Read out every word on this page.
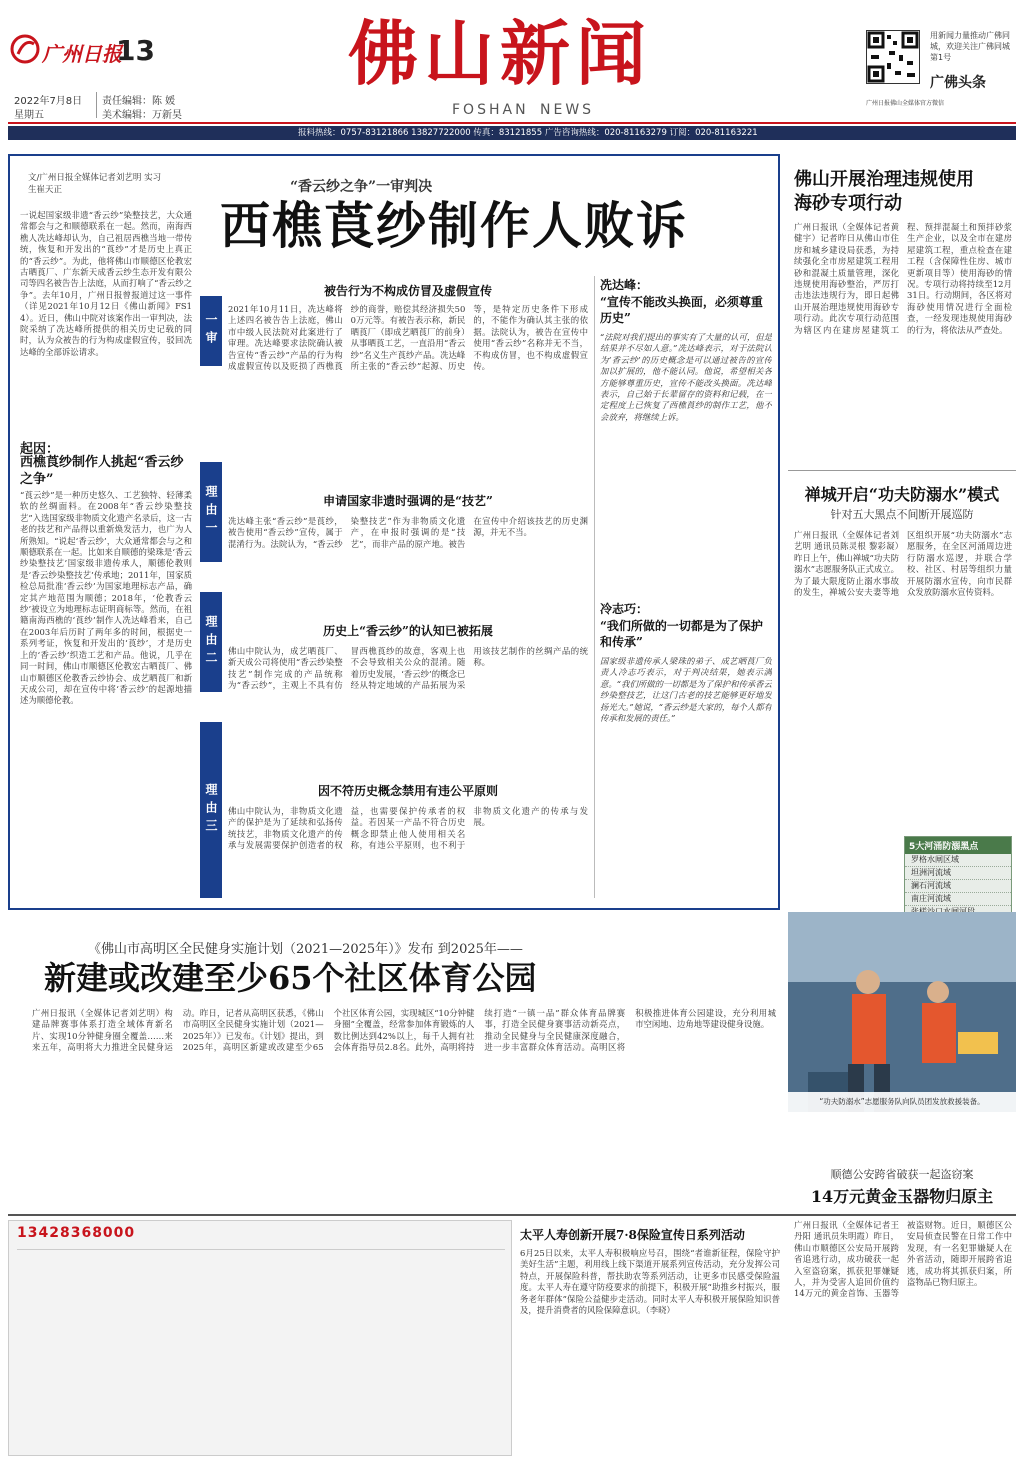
广州日报
13	佛山新闻
FOSHAN NEWS
2022年7月8日
星期五
责任编辑：陈 媛
美术编辑：万新昊
用新闻力量推动广佛同城，欢迎关注广佛同城第1号
广佛头条
广州日报佛山全媒体官方微信
报料热线：0757-83121866 13827722000 传真：83121855 广告咨询热线：020-81163279 订阅：020-81163221
文/广州日报全媒体记者刘艺明 实习生崔天正
一说起国家级非遗“香云纱”染整技艺，大众通常都会与之和顺德联系在一起。然而，南海西樵人冼达峰却认为，自己祖居西樵当地一带传统，恢复和开发出的“莨纱”才是历史上真正的“香云纱”。为此，他将佛山市顺德区伦教宏古晒莨厂、广东新天成香云纱生态开发有限公司等四名被告告上法庭，从而打响了“香云纱之争”。去年10月，广州日报曾报道过这一事件（详见2021年10月12日《佛山新闻》FS14）。近日，佛山中院对该案作出一审判决，法院采纳了冼达峰所提供的相关历史记载的同时，认为众被告的行为构成虚假宣传，驳回冼达峰的全部诉讼请求。
起因：
西樵莨纱制作人挑起“香云纱之争”
“莨云纱”是一种历史悠久、工艺独特、轻薄柔软的丝绸面料。在2008年“香云纱染整技艺”入选国家级非物质文化遗产名录后，这一古老的技艺和产品得以重新焕发活力，也广为人所熟知。“说起‘香云纱’，大众通常都会与之和顺德联系在一起。比如来自顺德的梁珠是‘香云纱染整技艺’国家级非遗传承人，顺德伦教则是‘香云纱染整技艺’传承地；2011年，国家质检总局批准‘香云纱’为国家地理标志产品，确定其产地范围为顺德；2018年，‘伦教香云纱’被设立为地理标志证明商标等。然而，在祖籍南海西樵的‘莨纱’制作人冼达峰看来，自己在2003年后历时了两年多的时间，根据史一系列考证，恢复和开发出的‘莨纱’，才是历史上的‘香云纱’织造工艺和产品。他说，几乎在同一时间，佛山市顺德区伦教宏古晒莨厂、佛山市顺德区伦教香云纱协会、成艺晒莨厂和新天成公司，却在宣传中将‘香云纱’的起源地描述为顺德伦教。
“香云纱之争”一审判决
西樵莨纱制作人败诉
一审
理由一
理由二
理由三
被告行为不构成仿冒及虚假宣传
2021年10月11日，冼达峰将上述四名被告告上法庭，佛山市中级人民法院对此案进行了审理。冼达峰要求法院确认被告宣传“香云纱”产品的行为构成虚假宣传以及贬损了西樵莨纱的商誉，赔偿其经济损失500万元等。有被告表示称，新民晒莨厂（即成艺晒莨厂的前身）从事晒莨工艺，一直沿用“香云纱”名义生产莨纱产品。冼达峰所主张的“香云纱”起源、历史等，是特定历史条件下形成的，不能作为确认其主张的依据。法院认为，被告在宣传中使用“香云纱”名称并无不当，不构成仿冒，也不构成虚假宣传。
申请国家非遗时强调的是“技艺”
冼达峰主张“香云纱”是莨纱，被告使用“香云纱”宣传，属于混淆行为。法院认为，“香云纱染整技艺”作为非物质文化遗产，在申报时强调的是“技艺”，而非产品的原产地。被告在宣传中介绍该技艺的历史渊源，并无不当。
历史上“香云纱”的认知已被拓展
佛山中院认为，成艺晒莨厂、新天成公司将使用“香云纱染整技艺”制作完成的产品统称为“香云纱”，主观上不具有仿冒西樵莨纱的故意，客观上也不会导致相关公众的混淆。随着历史发展，‘香云纱’的概念已经从特定地域的产品拓展为采用该技艺制作的丝绸产品的统称。
因不符历史概念禁用有违公平原则
佛山中院认为，非物质文化遗产的保护是为了延续和弘扬传统技艺，非物质文化遗产的传承与发展需要保护创造者的权益，也需要保护传承者的权益。若因某一产品不符合历史概念即禁止他人使用相关名称，有违公平原则，也不利于非物质文化遗产的传承与发展。
冼达峰：
“宣传不能改头换面，必须尊重历史”
“法院对我们提出的事实有了大量的认可，但是结果并不尽如人意。”冼达峰表示，对于法院认为‘香云纱’的历史概念是可以通过被告的宣传加以扩展的，他不能认同。他说，希望相关各方能够尊重历史，宣传不能改头换面。冼达峰表示，自己始于长辈留存的资料和记载，在一定程度上已恢复了西樵莨纱的制作工艺，他不会放弃，将继续上诉。
冷志巧：
“我们所做的一切都是为了保护和传承”
国家级非遗传承人梁珠的弟子、成艺晒莨厂负责人冷志巧表示，对于判决结果，她表示满意。“我们所做的一切都是为了保护和传承香云纱染整技艺，让这门古老的技艺能够更好地发扬光大。”她说，“香云纱是大家的，每个人都有传承和发展的责任。”
佛山开展治理违规使用海砂专项行动
广州日报讯（全媒体记者黄健宇）记者昨日从佛山市住房和城乡建设局获悉，为持续强化全市房屋建筑工程用砂和混凝土质量管理，深化违规使用海砂整治，严厉打击违法违规行为，即日起佛山开展治理违规使用海砂专项行动。此次专项行动范围为辖区内在建房屋建筑工程、预拌混凝土和预拌砂浆生产企业，以及全市在建房屋建筑工程，重点检查在建工程（含保障性住房、城市更新项目等）使用海砂的情况。专项行动将持续至12月31日。行动期间，各区将对海砂使用情况进行全面检查，一经发现违规使用海砂的行为，将依法从严查处。
禅城开启“功夫防溺水”模式
针对五大黑点不间断开展巡防
广州日报讯（全媒体记者刘艺明 通讯员陈灵根 黎彩凝）昨日上午，佛山禅城“功夫防溺水”志愿服务队正式成立。为了最大限度防止溺水事故的发生，禅城公安夫妻等地区组织开展“功夫防溺水”志愿服务，在全区河涌周边进行防溺水巡逻，并联合学校、社区、村居等组织力量开展防溺水宣传，向市民群众发放防溺水宣传资料。
5大河涌防溺黑点
罗格水闸区域
坦洲河流域
澜石河流域
南庄河流域
“功夫防溺水”志愿服务队向队员团发放救援装备。
《佛山市高明区全民健身实施计划（2021—2025年）》发布 到2025年——
新建或改建至少65个社区体育公园
广州日报讯（全媒体记者刘艺明）构建品牌赛事体系打造全域体育新名片、实现10分钟健身圈全覆盖……来来五年，高明将大力推进全民健身运动。昨日，记者从高明区获悉，《佛山市高明区全民健身实施计划（2021—2025年）》已发布。《计划》提出，到2025年，高明区新建或改建至少65个社区体育公园，实现城区“10分钟健身圈”全覆盖，经常参加体育锻炼的人数比例达到42%以上，每千人拥有社会体育指导员2.8名。此外，高明将持续打造“一镇一品”群众体育品牌赛事，打造全民健身赛事活动新亮点，推动全民健身与全民健康深度融合，进一步丰富群众体育活动。高明区将积极推进体育公园建设，充分利用城市空闲地、边角地等建设健身设施。
13428368000	太平人寿创新开展7·8保险宣传日系列活动
6月25日以来，太平人寿积极响应号召，围绕“者谁新征程，保险守护美好生活”主题，利用线上线下渠道开展系列宣传活动，充分发挥公司特点，开展保险科普，帮扶助农等系列活动，让更多市民感受保险温度。太平人寿在遵守防疫要求的前提下，积极开展“助推乡村振兴，服务老年群体”保险公益健步走活动。同时太平人寿积极开展保险知识普及，提升消费者的风险保障意识。（李晓）
顺德公安跨省破获一起盗窃案
14万元黄金玉器物归原主
广州日报讯（全媒体记者王丹阳 通讯员朱明霞）昨日，佛山市顺德区公安局开展跨省追逃行动，成功破获一起入室盗窃案，抓获犯罪嫌疑人，并为受害人追回价值约14万元的黄金首饰、玉器等被盗财物。近日，顺德区公安局侦查民警在日常工作中发现，有一名犯罪嫌疑人在外省活动，随即开展跨省追逃，成功将其抓获归案，所盗物品已物归原主。
